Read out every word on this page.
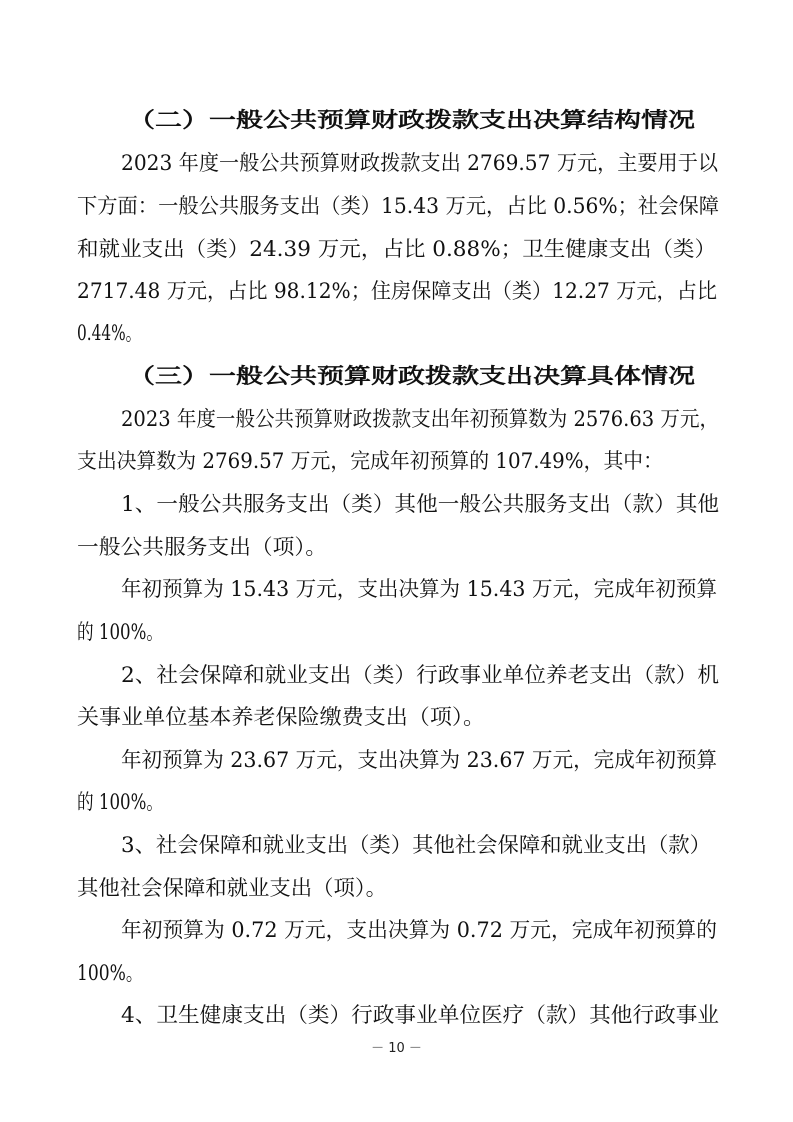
（二）一般公共预算财政拨款支出决算结构情况
2023 年度一般公共预算财政拨款支出 2769.57 万元，主要用于以
下方面：一般公共服务支出（类）15.43 万元，占比 0.56%；社会保障
和就业支出（类）24.39 万元，占比 0.88%；卫生健康支出（类）
2717.48 万元，占比 98.12%；住房保障支出（类）12.27 万元，占比
0.44%。
（三）一般公共预算财政拨款支出决算具体情况
2023 年度一般公共预算财政拨款支出年初预算数为 2576.63 万元，
支出决算数为 2769.57 万元，完成年初预算的 107.49%，其中：
1、一般公共服务支出（类）其他一般公共服务支出（款）其他
一般公共服务支出（项）。
年初预算为 15.43 万元，支出决算为 15.43 万元，完成年初预算
的 100%。
2、社会保障和就业支出（类）行政事业单位养老支出（款）机
关事业单位基本养老保险缴费支出（项）。
年初预算为 23.67 万元，支出决算为 23.67 万元，完成年初预算
的 100%。
3、社会保障和就业支出（类）其他社会保障和就业支出（款）
其他社会保障和就业支出（项）。
年初预算为 0.72 万元，支出决算为 0.72 万元，完成年初预算的
100%。
4、卫生健康支出（类）行政事业单位医疗（款）其他行政事业
－ 10 －
